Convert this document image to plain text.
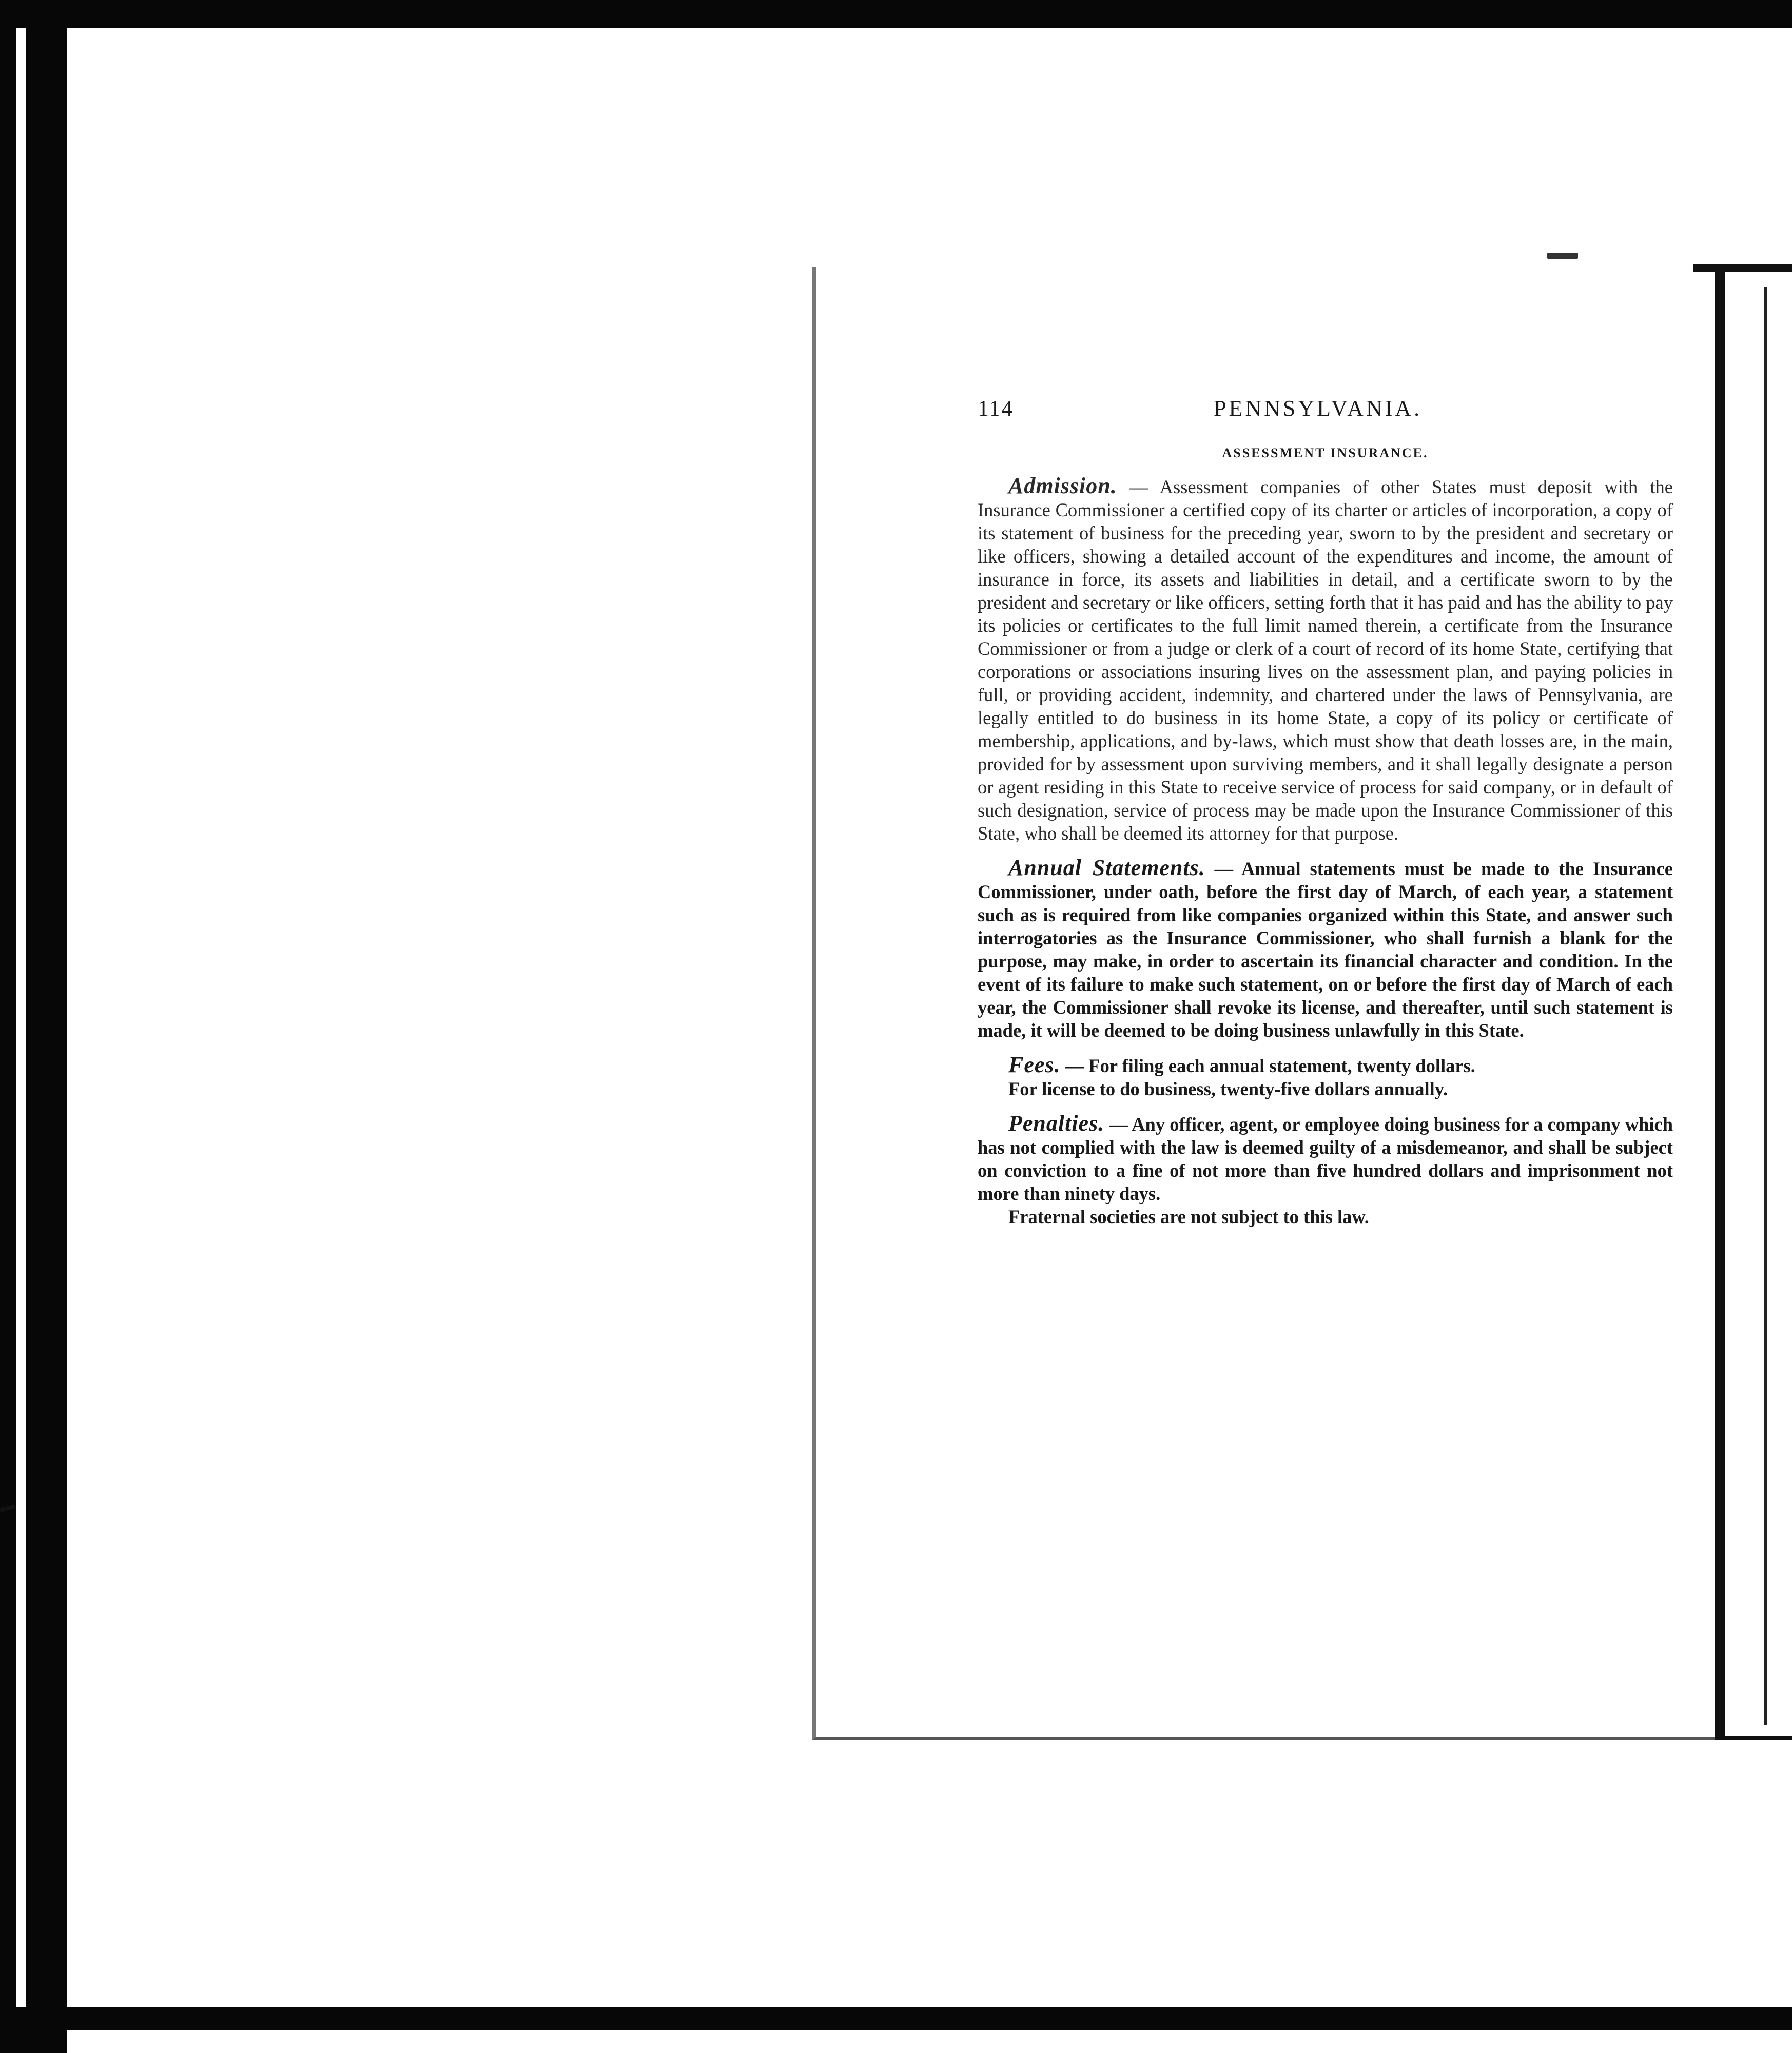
114	PENNSYLVANIA.
ASSESSMENT INSURANCE.

Admission. — Assessment companies of other States must deposit with the Insurance Commissioner a certified copy of its charter or articles of incorporation, a copy of its statement of business for the preceding year, sworn to by the president and secretary or like officers, showing a detailed account of the expenditures and income, the amount of insurance in force, its assets and liabilities in detail, and a certificate sworn to by the president and secretary or like officers, setting forth that it has paid and has the ability to pay its policies or certificates to the full limit named therein, a certificate from the Insurance Commissioner or from a judge or clerk of a court of record of its home State, certifying that corporations or associations insuring lives on the assessment plan, and paying policies in full, or providing accident, indemnity, and chartered under the laws of Pennsylvania, are legally entitled to do business in its home State, a copy of its policy or certificate of membership, applications, and by-laws, which must show that death losses are, in the main, provided for by assessment upon surviving members, and it shall legally designate a person or agent residing in this State to receive service of process for said company, or in default of such designation, service of process may be made upon the Insurance Commissioner of this State, who shall be deemed its attorney for that purpose.

Annual Statements. — Annual statements must be made to the Insurance Commissioner, under oath, before the first day of March, of each year, a statement such as is required from like companies organized within this State, and answer such interrogatories as the Insurance Commissioner, who shall furnish a blank for the purpose, may make, in order to ascertain its financial character and condition. In the event of its failure to make such statement, on or before the first day of March of each year, the Commissioner shall revoke its license, and thereafter, until such statement is made, it will be deemed to be doing business unlawfully in this State.

Fees. — For filing each annual statement, twenty dollars.

For license to do business, twenty-five dollars annually.

Penalties. — Any officer, agent, or employee doing business for a company which has not complied with the law is deemed guilty of a misdemeanor, and shall be subject on conviction to a fine of not more than five hundred dollars and imprisonment not more than ninety days.

Fraternal societies are not subject to this law.
